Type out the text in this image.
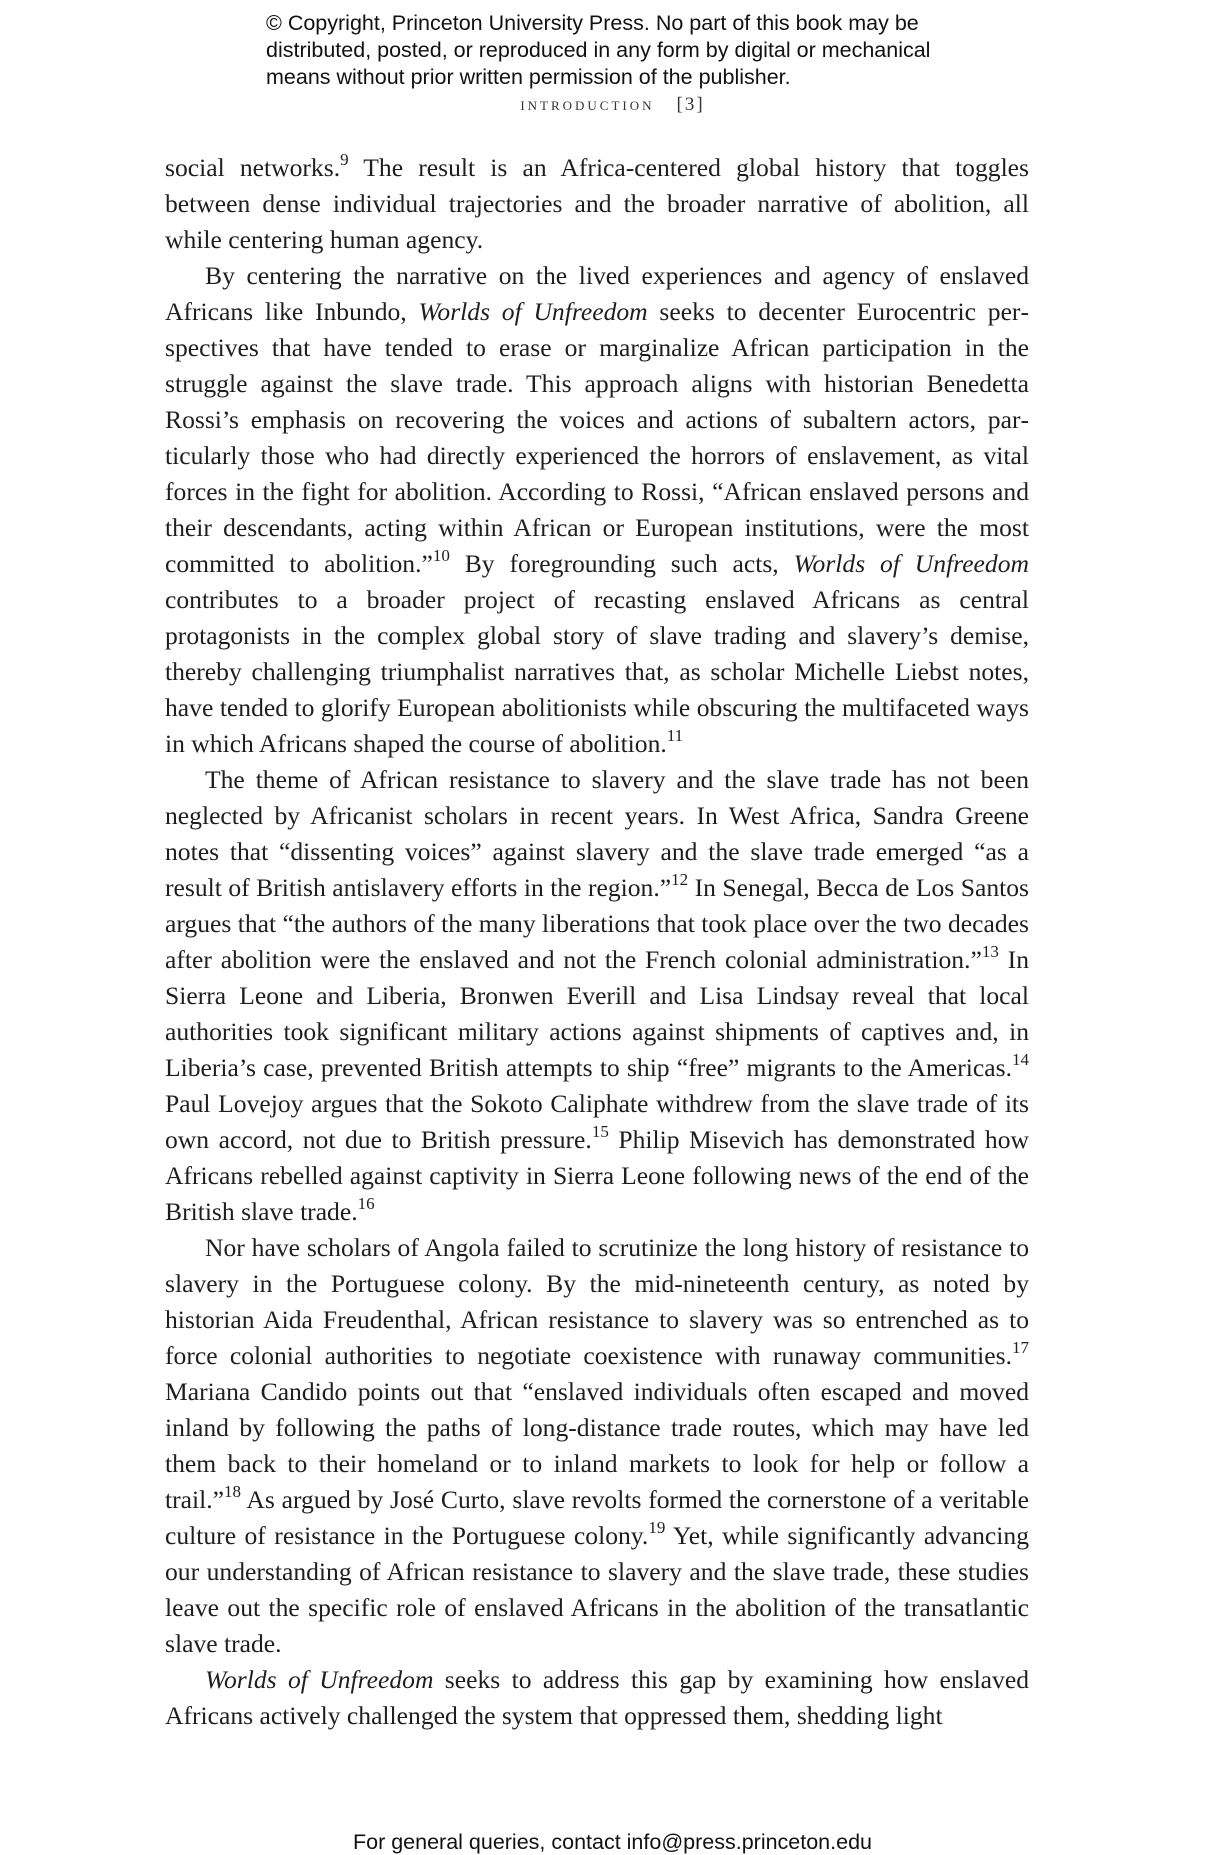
© Copyright, Princeton University Press. No part of this book may be
distributed, posted, or reproduced in any form by digital or mechanical
means without prior written permission of the publisher.
introduction [3]

social networks.$^9$ The result is an Africa-centered global history that toggles between dense individual trajectories and the broader narrative of abolition, all while centering human agency.

By centering the narrative on the lived experiences and agency of enslaved Africans like Inbundo, Worlds of Unfreedom seeks to decenter Eurocentric perspectives that have tended to erase or marginalize African participation in the struggle against the slave trade. This approach aligns with historian Benedetta Rossi’s emphasis on recovering the voices and actions of subaltern actors, particularly those who had directly experienced the horrors of enslavement, as vital forces in the fight for abolition. According to Rossi, “African enslaved persons and their descendants, acting within African or European institutions, were the most committed to abolition.”$^{10}$ By foregrounding such acts, Worlds of Unfreedom contributes to a broader project of recasting enslaved Africans as central protagonists in the complex global story of slave trading and slavery’s demise, thereby challenging triumphalist narratives that, as scholar Michelle Liebst notes, have tended to glorify European abolitionists while obscuring the multifaceted ways in which Africans shaped the course of abolition.$^{11}$

The theme of African resistance to slavery and the slave trade has not been neglected by Africanist scholars in recent years. In West Africa, Sandra Greene notes that “dissenting voices” against slavery and the slave trade emerged “as a result of British antislavery efforts in the region.”$^{12}$ In Senegal, Becca de Los Santos argues that “the authors of the many liberations that took place over the two decades after abolition were the enslaved and not the French colonial administration.”$^{13}$ In Sierra Leone and Liberia, Bronwen Everill and Lisa Lindsay reveal that local authorities took significant military actions against shipments of captives and, in Liberia’s case, prevented British attempts to ship “free” migrants to the Americas.$^{14}$ Paul Lovejoy argues that the Sokoto Caliphate withdrew from the slave trade of its own accord, not due to British pressure.$^{15}$ Philip Misevich has demonstrated how Africans rebelled against captivity in Sierra Leone following news of the end of the British slave trade.$^{16}$

Nor have scholars of Angola failed to scrutinize the long history of resistance to slavery in the Portuguese colony. By the mid-nineteenth century, as noted by historian Aida Freudenthal, African resistance to slavery was so entrenched as to force colonial authorities to negotiate coexistence with runaway communities.$^{17}$ Mariana Candido points out that “enslaved individuals often escaped and moved inland by following the paths of long-distance trade routes, which may have led them back to their homeland or to inland markets to look for help or follow a trail.”$^{18}$ As argued by José Curto, slave revolts formed the cornerstone of a veritable culture of resistance in the Portuguese colony.$^{19}$ Yet, while significantly advancing our understanding of African resistance to slavery and the slave trade, these studies leave out the specific role of enslaved Africans in the abolition of the transatlantic slave trade.

Worlds of Unfreedom seeks to address this gap by examining how enslaved Africans actively challenged the system that oppressed them, shedding light

For general queries, contact info@press.princeton.edu
